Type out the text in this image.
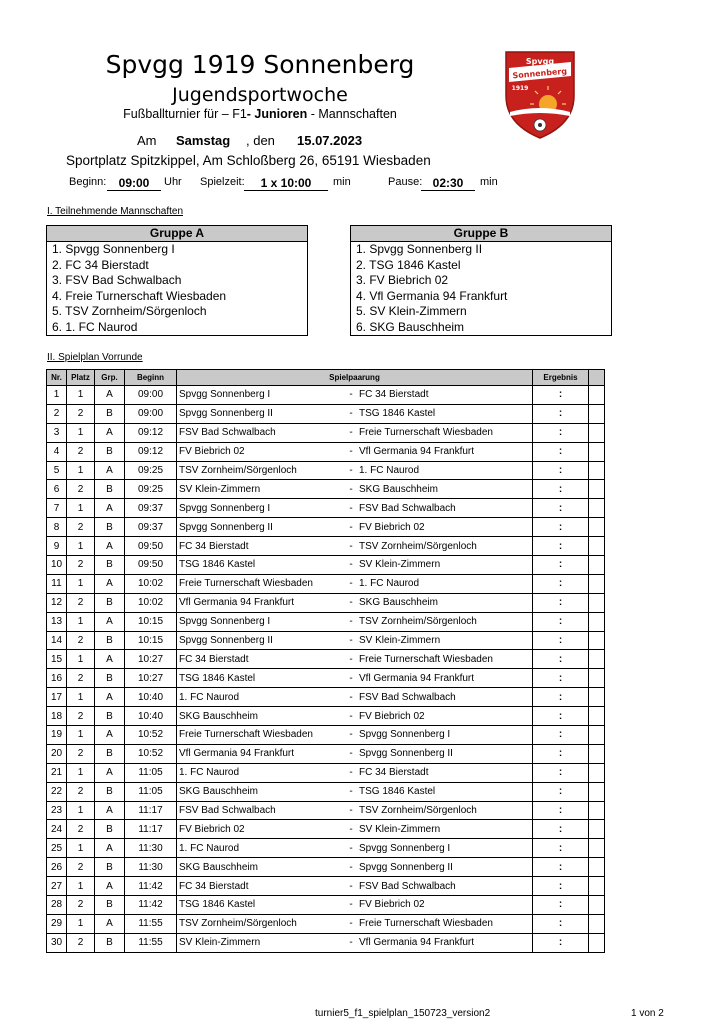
Spvgg 1919 Sonnenberg
Jugendsportwoche
Fußballturnier für – F1- Junioren - Mannschaften
Am Samstag , den 15.07.2023
Sportplatz Spitzkippel, Am Schloßberg 26, 65191 Wiesbaden
Beginn:	09:00	Uhr Spielzeit:	1 x 10:00	min	Pause: 02:30	min
Spvgg
Sonnenberg
1919
I. Teilnehmende Mannschaften
Gruppe A
1. Spvgg Sonnenberg I
2. FC 34 Bierstadt
3. FSV Bad Schwalbach
4. Freie Turnerschaft Wiesbaden
5. TSV Zornheim/Sörgenloch
6. 1. FC Naurod
Gruppe B
1. Spvgg Sonnenberg II
2. TSG 1846 Kastel
3. FV Biebrich 02
4. Vfl Germania 94 Frankfurt
5. SV Klein-Zimmern
6. SKG Bauschheim
II. Spielplan Vorrunde
Nr.	Platz	Grp.	Beginn	Spielpaarung	Ergebnis	
1	1	A	09:00	Spvgg Sonnenberg I - FC 34 Bierstadt	:	
2	2	B	09:00	Spvgg Sonnenberg II - TSG 1846 Kastel	:	
3	1	A	09:12	FSV Bad Schwalbach - Freie Turnerschaft Wiesbaden	:	
4	2	B	09:12	FV Biebrich 02 - Vfl Germania 94 Frankfurt	:	
5	1	A	09:25	TSV Zornheim/Sörgenloch - 1. FC Naurod	:	
6	2	B	09:25	SV Klein-Zimmern - SKG Bauschheim	:	
7	1	A	09:37	Spvgg Sonnenberg I - FSV Bad Schwalbach	:	
8	2	B	09:37	Spvgg Sonnenberg II - FV Biebrich 02	:	
9	1	A	09:50	FC 34 Bierstadt - TSV Zornheim/Sörgenloch	:	
10	2	B	09:50	TSG 1846 Kastel - SV Klein-Zimmern	:	
11	1	A	10:02	Freie Turnerschaft Wiesbaden - 1. FC Naurod	:	
12	2	B	10:02	Vfl Germania 94 Frankfurt - SKG Bauschheim	:	
13	1	A	10:15	Spvgg Sonnenberg I - TSV Zornheim/Sörgenloch	:	
14	2	B	10:15	Spvgg Sonnenberg II - SV Klein-Zimmern	:	
15	1	A	10:27	FC 34 Bierstadt - Freie Turnerschaft Wiesbaden	:	
16	2	B	10:27	TSG 1846 Kastel - Vfl Germania 94 Frankfurt	:	
17	1	A	10:40	1. FC Naurod - FSV Bad Schwalbach	:	
18	2	B	10:40	SKG Bauschheim - FV Biebrich 02	:	
19	1	A	10:52	Freie Turnerschaft Wiesbaden - Spvgg Sonnenberg I	:	
20	2	B	10:52	Vfl Germania 94 Frankfurt - Spvgg Sonnenberg II	:	
21	1	A	11:05	1. FC Naurod - FC 34 Bierstadt	:	
22	2	B	11:05	SKG Bauschheim - TSG 1846 Kastel	:	
23	1	A	11:17	FSV Bad Schwalbach - TSV Zornheim/Sörgenloch	:	
24	2	B	11:17	FV Biebrich 02 - SV Klein-Zimmern	:	
25	1	A	11:30	1. FC Naurod - Spvgg Sonnenberg I	:	
26	2	B	11:30	SKG Bauschheim - Spvgg Sonnenberg II	:	
27	1	A	11:42	FC 34 Bierstadt - FSV Bad Schwalbach	:	
28	2	B	11:42	TSG 1846 Kastel - FV Biebrich 02	:	
29	1	A	11:55	TSV Zornheim/Sörgenloch - Freie Turnerschaft Wiesbaden	:	
30	2	B	11:55	SV Klein-Zimmern - Vfl Germania 94 Frankfurt	:	
turnier5_f1_spielplan_150723_version2	1 von 2
